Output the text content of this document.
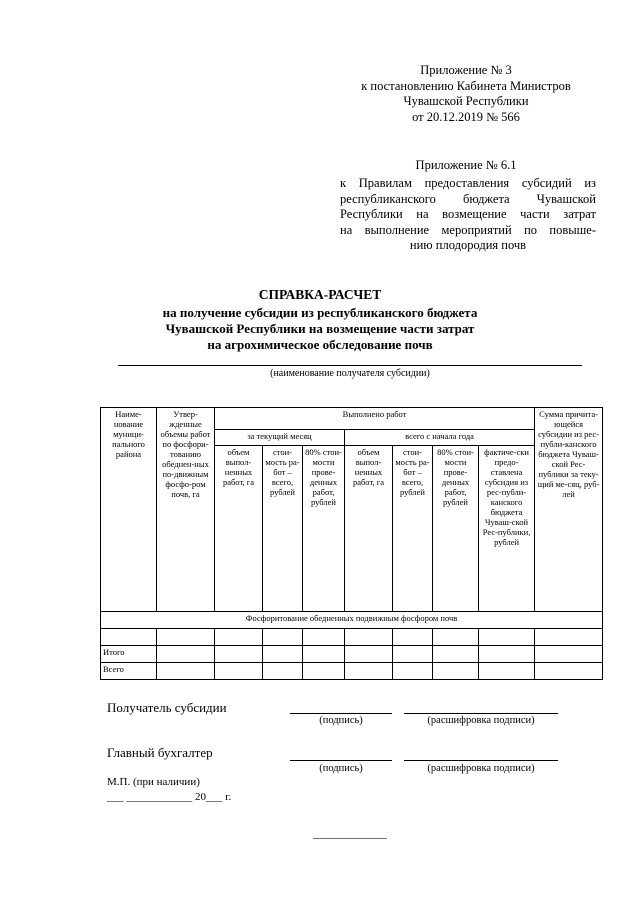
Приложение № 3
к постановлению Кабинета Министров
Чувашской Республики
от 20.12.2019 № 566
Приложение № 6.1
к Правилам предоставления субсидий из
республиканского бюджета Чувашской
Республики на возмещение части затрат
на выполнение мероприятий по повыше-
нию плодородия почв
СПРАВКА-РАСЧЕТ
на получение субсидии из республиканского бюджета
Чувашской Республики на возмещение части затрат
на агрохимическое обследование почв
(наименование получателя субсидии)
Наиме-нование муници-пального района	Утвер-жденные объемы работ по фосфори-тованию обеднен-ных по-движным фосфо-ром почв, га	Выполнено работ							Сумма причита-ющейся субсидии из рес-публи-канского бюджета Чуваш-ской Рес-публики за теку-щий ме-сяц, руб-лей
		за текущий месяц			всего с начала года				
		объем выпол-ненных работ, га	стои-мость ра-бот – всего, рублей	80% стои-мости прове-денных работ, рублей	объем выпол-ненных работ, га	стои-мость ра-бот – всего, рублей	80% стои-мости прове-денных работ, рублей	фактиче-ски предо-ставлена субсидия из рес-публи-канского бюджета Чуваш-ской Рес-публики, рублей	
Фосфоритование обедненных подвижным фосфором почв									

Итого									
Всего									
Получатель субсидии
(подпись)	(расшифровка подписи)
Главный бухгалтер
(подпись)	(расшифровка подписи)
М.П. (при наличии)
___ ____________ 20___ г.
